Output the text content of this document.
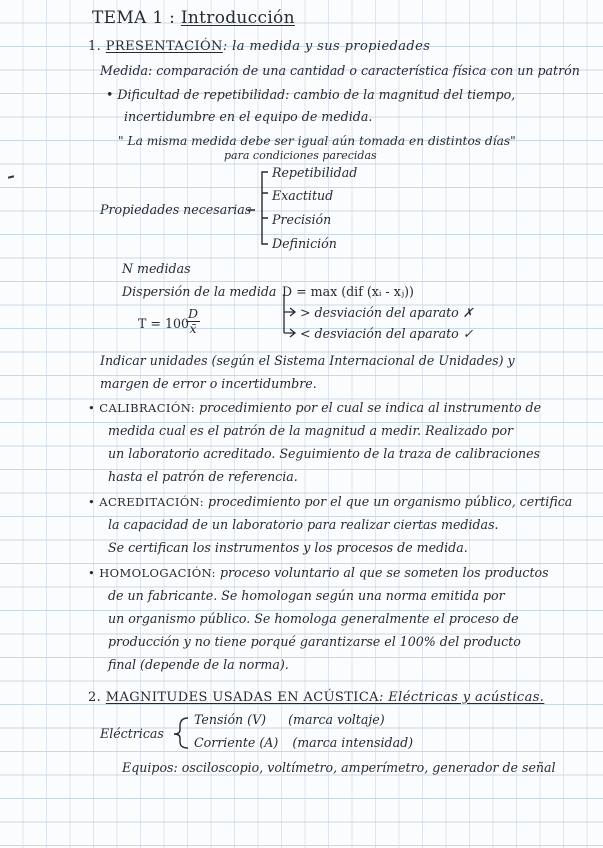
TEMA 1 : Introducción
1. PRESENTACIÓN: la medida y sus propiedades
Medida: comparación de una cantidad o característica física con un patrón
• Dificultad de repetibilidad: cambio de la magnitud del tiempo,
incertidumbre en el equipo de medida.
" La misma medida debe ser igual aún tomada en distintos días"
para condiciones parecidas
Propiedades necesarias
Repetibilidad
Exactitud
Precisión
Definición
N medidas
Dispersión de la medida D = max (dif (xᵢ - xⱼ))
T = 100
$\frac{D}{x̄}$	> desviación del aparato ✗
< desviación del aparato ✓
Indicar unidades (según el Sistema Internacional de Unidades) y
margen de error o incertidumbre.
• CALIBRACIÓN: procedimiento por el cual se indica al instrumento de
medida cual es el patrón de la magnitud a medir. Realizado por
un laboratorio acreditado. Seguimiento de la traza de calibraciones
hasta el patrón de referencia.
• ACREDITACIÓN: procedimiento por el que un organismo público, certifica
la capacidad de un laboratorio para realizar ciertas medidas.
Se certifican los instrumentos y los procesos de medida.
• HOMOLOGACIÓN: proceso voluntario al que se someten los productos
de un fabricante. Se homologan según una norma emitida por
un organismo público. Se homologa generalmente el proceso de
producción y no tiene porqué garantizarse el 100% del producto
final (depende de la norma).
2. MAGNITUDES USADAS EN ACÚSTICA: Eléctricas y acústicas.
Eléctricas
Tensión (V) (marca voltaje)
Corriente (A) (marca intensidad)
Equipos: osciloscopio, voltímetro, amperímetro, generador de señal
